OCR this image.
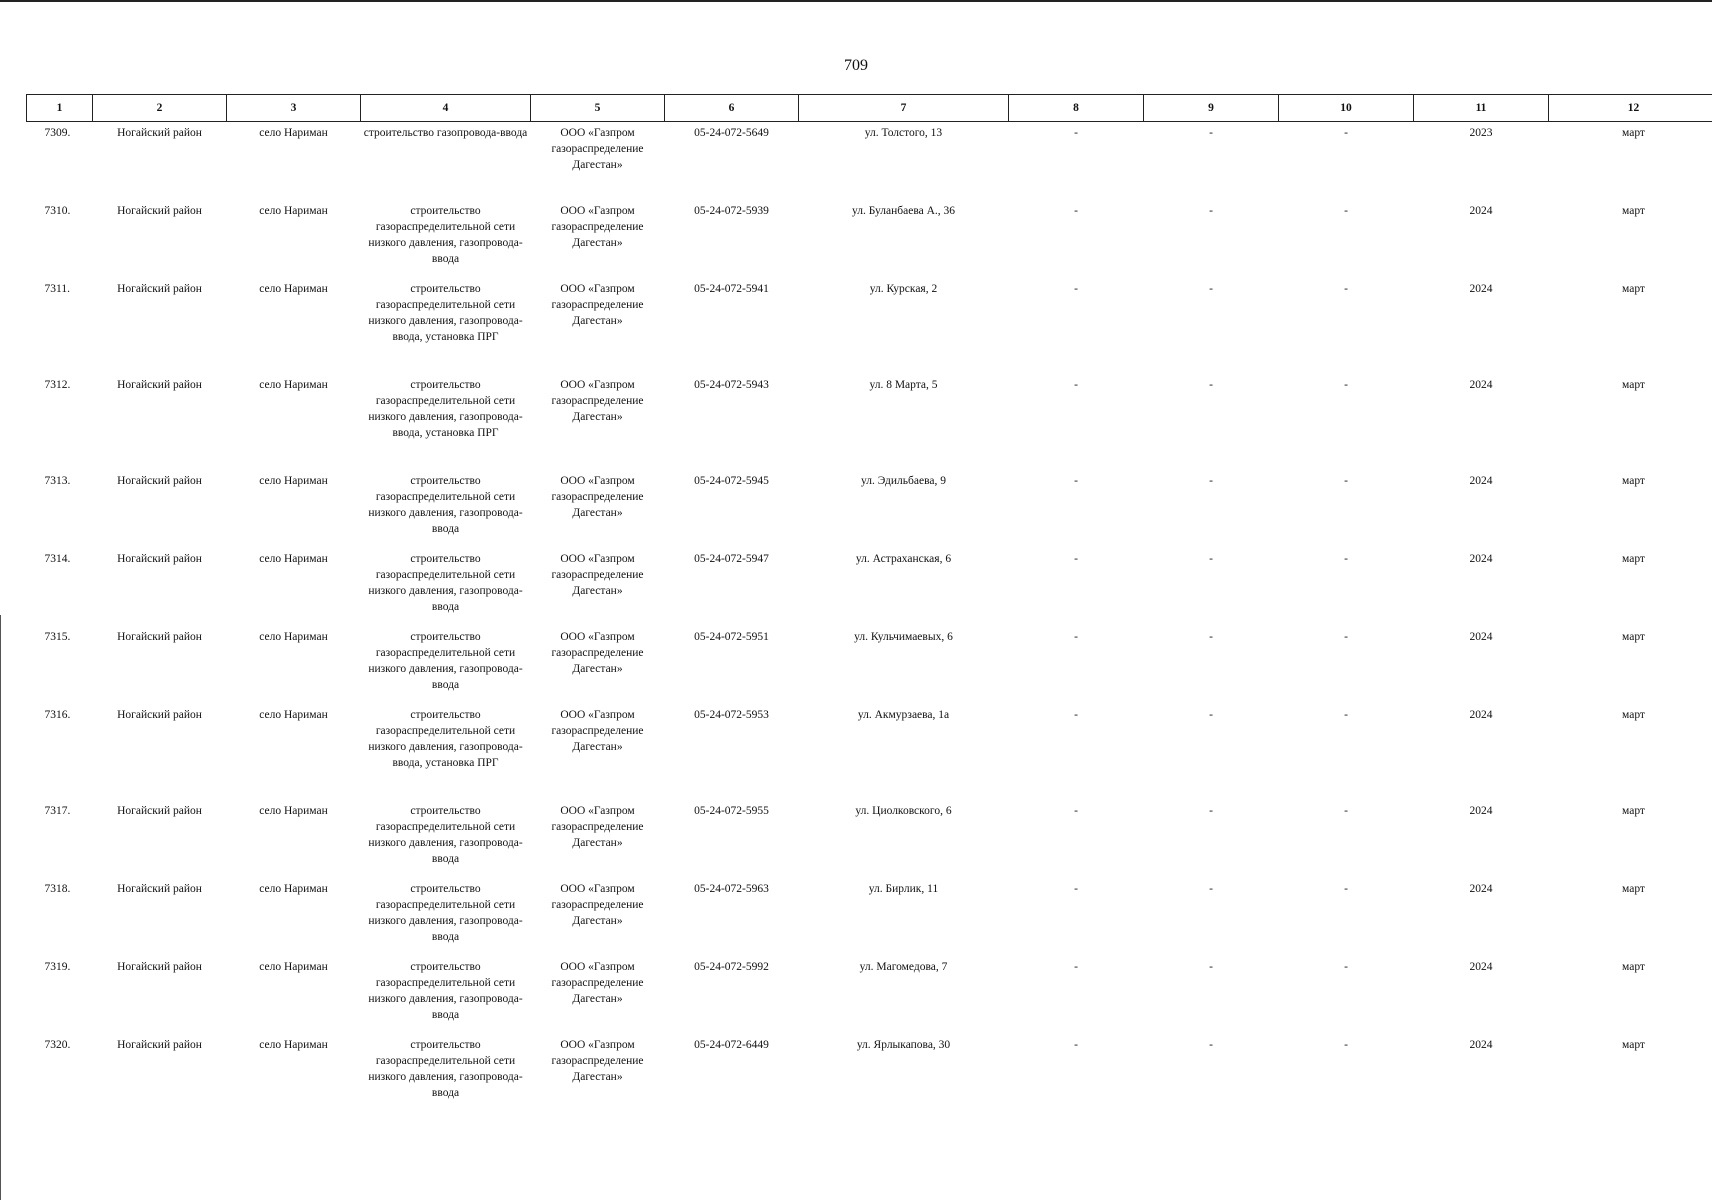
709
1	2	3	4	5	6	7	8	9	10	11	12
7309.	Ногайский район	село Нариман	строительство газопровода-ввода	ООО «Газпром газораспределение Дагестан»	05-24-072-5649	ул. Толстого, 13	-	-	-	2023	март
7310.	Ногайский район	село Нариман	строительство газораспределительной сети низкого давления, газопровода-ввода	ООО «Газпром газораспределение Дагестан»	05-24-072-5939	ул. Буланбаева А., 36	-	-	-	2024	март
7311.	Ногайский район	село Нариман	строительство газораспределительной сети низкого давления, газопровода-ввода, установка ПРГ	ООО «Газпром газораспределение Дагестан»	05-24-072-5941	ул. Курская, 2	-	-	-	2024	март
7312.	Ногайский район	село Нариман	строительство газораспределительной сети низкого давления, газопровода-ввода, установка ПРГ	ООО «Газпром газораспределение Дагестан»	05-24-072-5943	ул. 8 Марта, 5	-	-	-	2024	март
7313.	Ногайский район	село Нариман	строительство газораспределительной сети низкого давления, газопровода-ввода	ООО «Газпром газораспределение Дагестан»	05-24-072-5945	ул. Эдильбаева, 9	-	-	-	2024	март
7314.	Ногайский район	село Нариман	строительство газораспределительной сети низкого давления, газопровода-ввода	ООО «Газпром газораспределение Дагестан»	05-24-072-5947	ул. Астраханская, 6	-	-	-	2024	март
7315.	Ногайский район	село Нариман	строительство газораспределительной сети низкого давления, газопровода-ввода	ООО «Газпром газораспределение Дагестан»	05-24-072-5951	ул. Кульчимаевых, 6	-	-	-	2024	март
7316.	Ногайский район	село Нариман	строительство газораспределительной сети низкого давления, газопровода-ввода, установка ПРГ	ООО «Газпром газораспределение Дагестан»	05-24-072-5953	ул. Акмурзаева, 1а	-	-	-	2024	март
7317.	Ногайский район	село Нариман	строительство газораспределительной сети низкого давления, газопровода-ввода	ООО «Газпром газораспределение Дагестан»	05-24-072-5955	ул. Циолковского, 6	-	-	-	2024	март
7318.	Ногайский район	село Нариман	строительство газораспределительной сети низкого давления, газопровода-ввода	ООО «Газпром газораспределение Дагестан»	05-24-072-5963	ул. Бирлик, 11	-	-	-	2024	март
7319.	Ногайский район	село Нариман	строительство газораспределительной сети низкого давления, газопровода-ввода	ООО «Газпром газораспределение Дагестан»	05-24-072-5992	ул. Магомедова, 7	-	-	-	2024	март
7320.	Ногайский район	село Нариман	строительство газораспределительной сети низкого давления, газопровода-ввода	ООО «Газпром газораспределение Дагестан»	05-24-072-6449	ул. Ярлыкапова, 30	-	-	-	2024	март
